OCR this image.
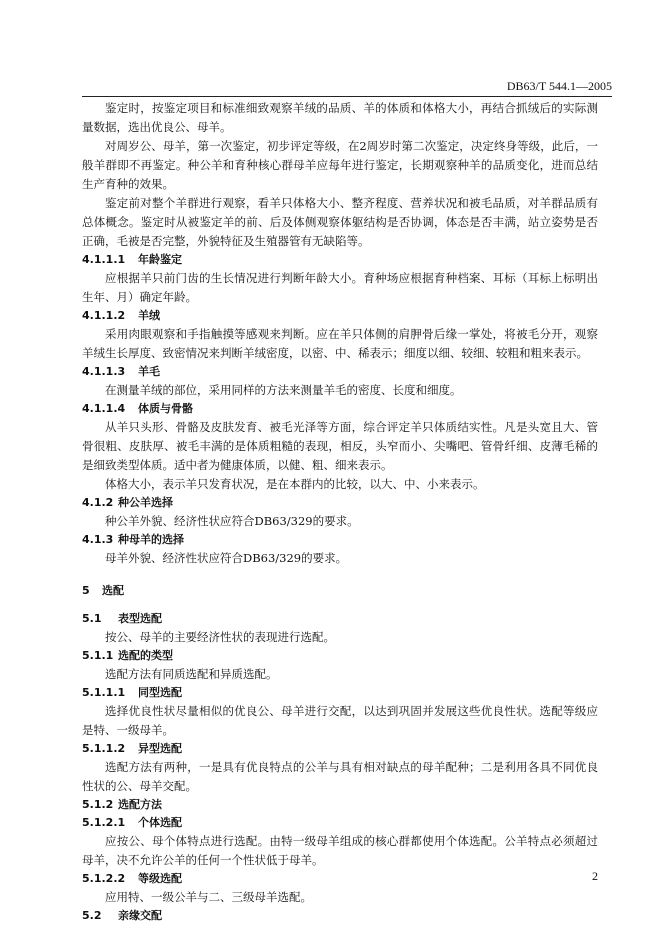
DB63/T 544.1—2005

鉴定时，按鉴定项目和标准细致观察羊绒的品质、羊的体质和体格大小，再结合抓绒后的实际测量数据，选出优良公、母羊。

对周岁公、母羊，第一次鉴定，初步评定等级，在2周岁时第二次鉴定，决定终身等级，此后，一般羊群即不再鉴定。种公羊和育种核心群母羊应每年进行鉴定，长期观察种羊的品质变化，进而总结生产育种的效果。

鉴定前对整个羊群进行观察，看羊只体格大小、整齐程度、营养状况和被毛品质，对羊群品质有总体概念。鉴定时从被鉴定羊的前、后及体侧观察体躯结构是否协调，体态是否丰满，站立姿势是否正确，毛被是否完整，外貌特征及生殖器管有无缺陷等。

4.1.1.1 年龄鉴定

应根据羊只前门齿的生长情况进行判断年龄大小。育种场应根据育种档案、耳标（耳标上标明出生年、月）确定年龄。

4.1.1.2 羊绒

采用肉眼观察和手指触摸等感观来判断。应在羊只体侧的肩胛骨后缘一掌处，将被毛分开，观察羊绒生长厚度、致密情况来判断羊绒密度，以密、中、稀表示；细度以细、较细、较粗和粗来表示。

4.1.1.3 羊毛

在测量羊绒的部位，采用同样的方法来测量羊毛的密度、长度和细度。

4.1.1.4 体质与骨骼

从羊只头形、骨骼及皮肤发育、被毛光泽等方面，综合评定羊只体质结实性。凡是头宽且大、管骨很粗、皮肤厚、被毛丰满的是体质粗糙的表现，相反，头窄而小、尖嘴吧、管骨纤细、皮薄毛稀的是细致类型体质。适中者为健康体质，以健、粗、细来表示。

体格大小，表示羊只发育状况，是在本群内的比较，以大、中、小来表示。

4.1.2 种公羊选择

种公羊外貌、经济性状应符合DB63/329的要求。

4.1.3 种母羊的选择

母羊外貌、经济性状应符合DB63/329的要求。

5 选配

5.1 表型选配

按公、母羊的主要经济性状的表现进行选配。

5.1.1 选配的类型

选配方法有同质选配和异质选配。

5.1.1.1 同型选配

选择优良性状尽量相似的优良公、母羊进行交配，以达到巩固并发展这些优良性状。选配等级应是特、一级母羊。

5.1.1.2 异型选配

选配方法有两种，一是具有优良特点的公羊与具有相对缺点的母羊配种；二是利用各具不同优良性状的公、母羊交配。

5.1.2 选配方法

5.1.2.1 个体选配

应按公、母个体特点进行选配。由特一级母羊组成的核心群都使用个体选配。公羊特点必须超过母羊，决不允许公羊的任何一个性状低于母羊。

5.1.2.2 等级选配

应用特、一级公羊与二、三级母羊选配。

5.2 亲缘交配

2
